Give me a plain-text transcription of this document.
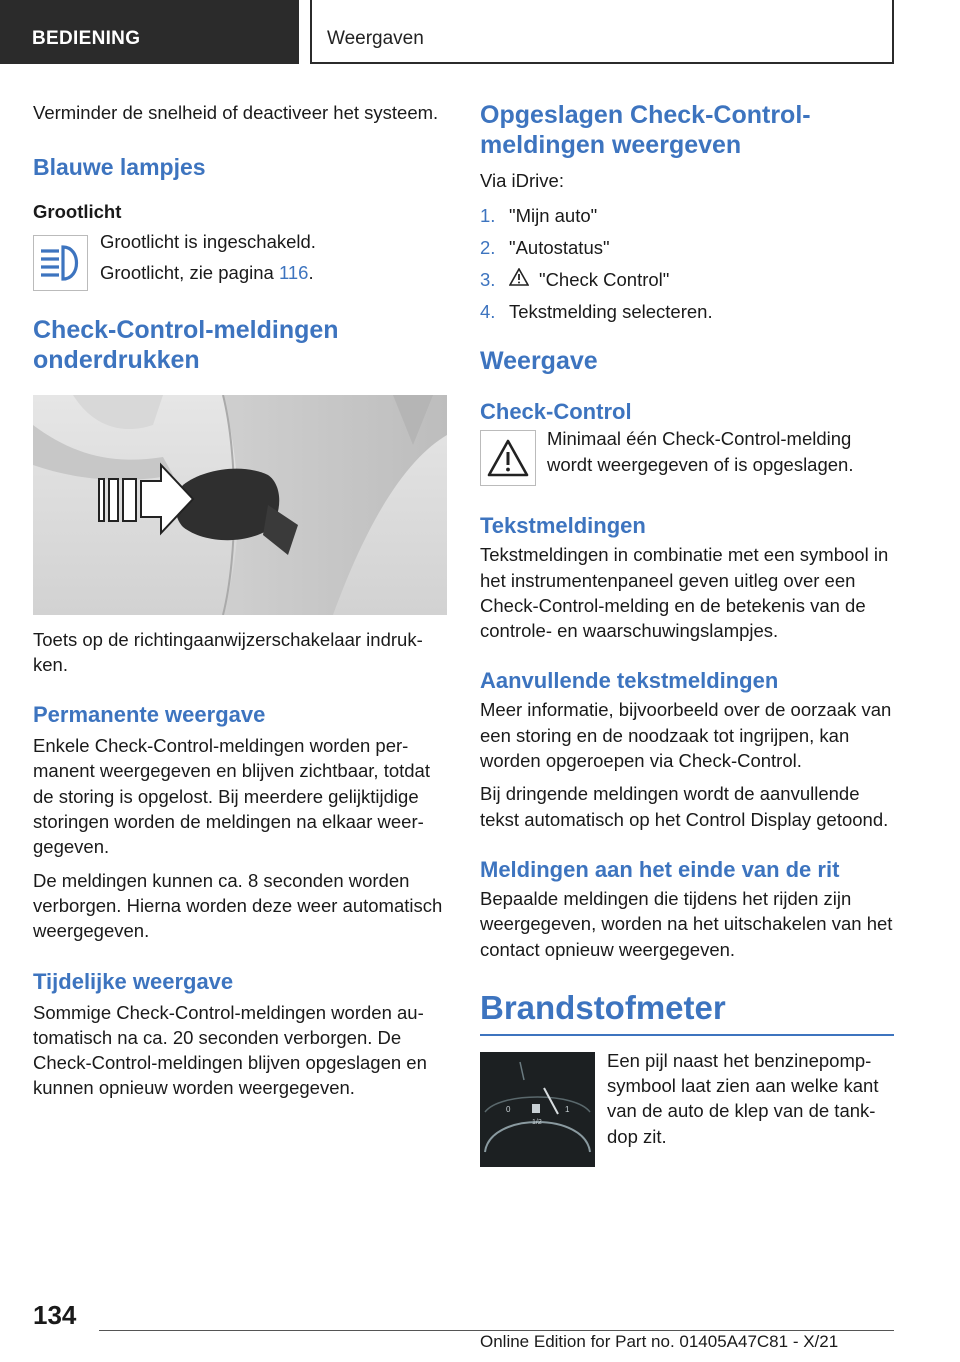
BEDIENING	Weergaven

Verminder de snelheid of deactiveer het systeem.

Blauwe lampjes

Grootlicht

Grootlicht is ingeschakeld.

Grootlicht, zie pagina 116.

Check-Control-meldingen onderdrukken

Toets op de richtingaanwijzerschakelaar indrukken.

Permanente weergave

Enkele Check-Control-meldingen worden permanent weergegeven en blijven zichtbaar, totdat de storing is opgelost. Bij meerdere gelijktijdige storingen worden de meldingen na elkaar weergegeven.

De meldingen kunnen ca. 8 seconden worden verborgen. Hierna worden deze weer automatisch weergegeven.

Tijdelijke weergave

Sommige Check-Control-meldingen worden automatisch na ca. 20 seconden verborgen. De Check-Control-meldingen blijven opgeslagen en kunnen opnieuw worden weergegeven.

Opgeslagen Check-Control-meldingen weergeven

Via iDrive:

1. "Mijn auto"
2. "Autostatus"
3.	"Check Control"
4. Tekstmelding selecteren.
Weergave
Check-Control

Minimaal één Check-Control-melding wordt weergegeven of is opgeslagen.

Tekstmeldingen

Tekstmeldingen in combinatie met een symbool in het instrumentenpaneel geven uitleg over een Check-Control-melding en de betekenis van de controle- en waarschuwingslampjes.

Aanvullende tekstmeldingen

Meer informatie, bijvoorbeeld over de oorzaak van een storing en de noodzaak tot ingrijpen, kan worden opgeroepen via Check-Control.

Bij dringende meldingen wordt de aanvullende tekst automatisch op het Control Display getoond.

Meldingen aan het einde van de rit

Bepaalde meldingen die tijdens het rijden zijn weergegeven, worden na het uitschakelen van het contact opnieuw weergegeven.

Brandstofmeter
0	1
1/2

Een pijl naast het benzinepompsymbool laat zien aan welke kant van de auto de klep van de tankdop zit.

134
Online Edition for Part no. 01405A47C81 - X/21
